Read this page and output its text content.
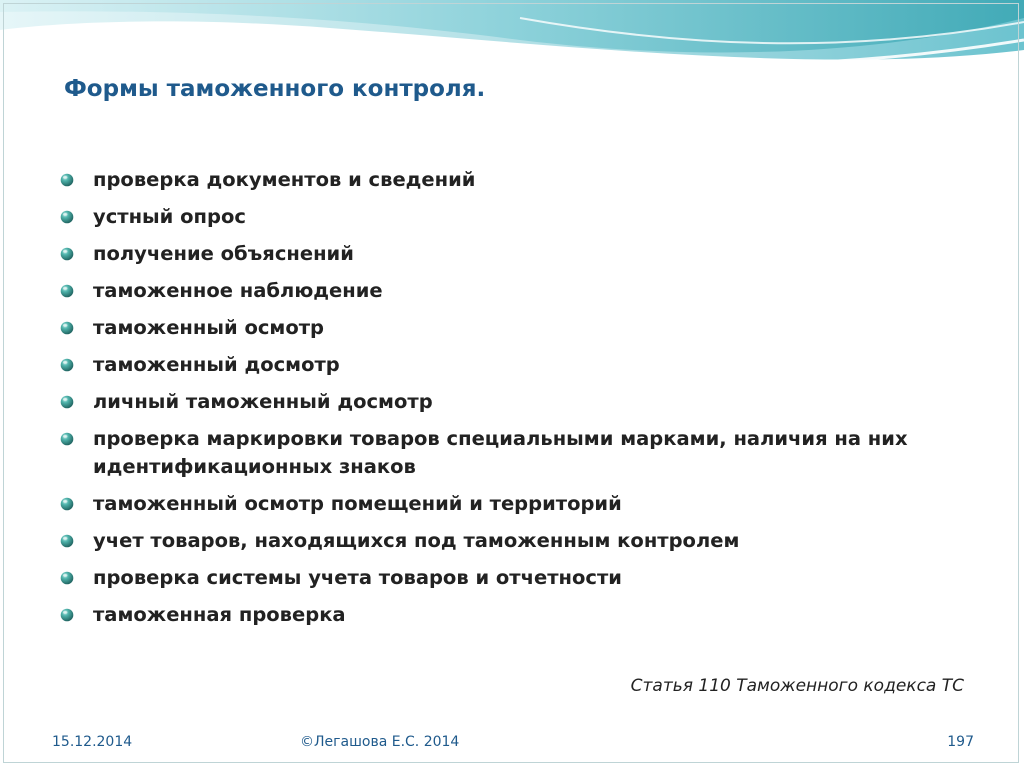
Формы таможенного контроля.
проверка документов и сведений
устный опрос
получение объяснений
таможенное наблюдение
таможенный осмотр
таможенный досмотр
личный таможенный досмотр
проверка маркировки товаров специальными марками, наличия на них идентификационных знаков
таможенный осмотр помещений и территорий
учет товаров, находящихся под таможенным контролем
проверка системы учета товаров и отчетности
таможенная проверка
Статья 110 Таможенного кодекса ТС
15.12.2014	©Легашова Е.С. 2014	197
